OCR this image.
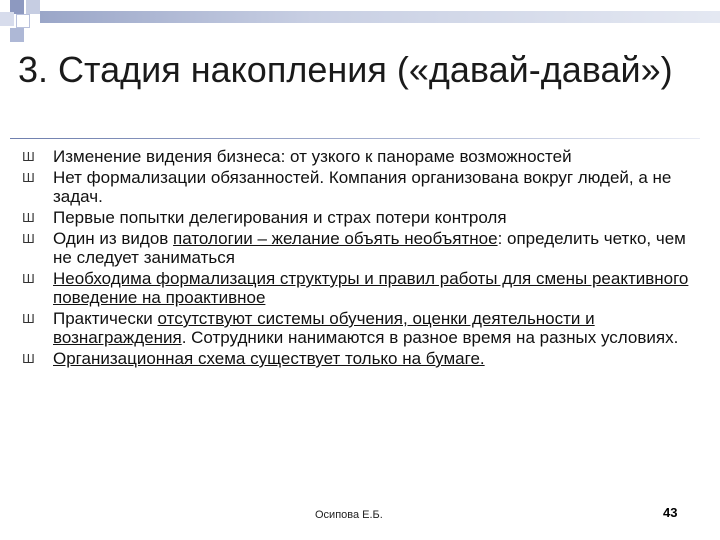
3. Стадия накопления («давай-давай»)
Ш Изменение видения бизнеса: от узкого к панораме возможностей
Ш Нет формализации обязанностей. Компания организована вокруг людей, а не задач.
Ш Первые попытки делегирования и страх потери контроля
Ш Один из видов патологии – желание объять необъятное: определить четко, чем не следует заниматься
Ш Необходима формализация структуры и правил работы для смены реактивного поведение на проактивное
Ш Практически отсутствуют системы обучения, оценки деятельности и вознаграждения. Сотрудники нанимаются в разное время на разных условиях.
Ш Организационная схема существует только на бумаге.
Осипова Е.Б.	43
